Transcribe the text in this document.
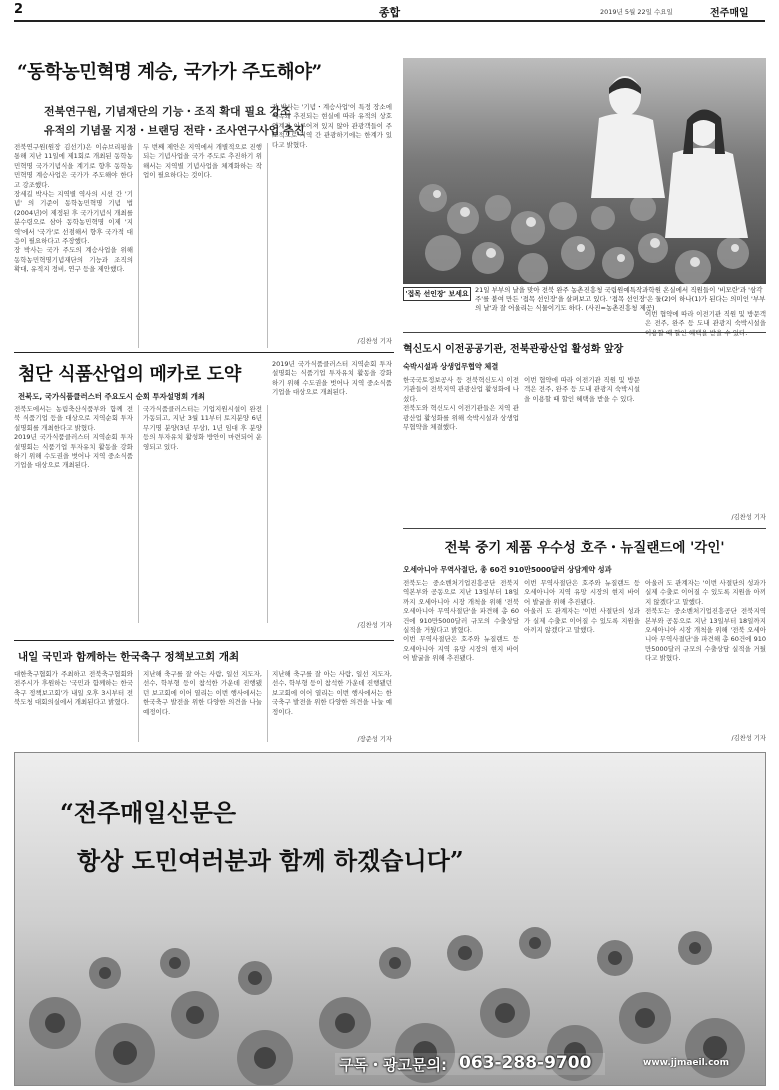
2	종합	2019년 5월 22일 수요일	전주매일
“동학농민혁명 계승, 국가가 주도해야”
전북연구원, 기념재단의 기능・조직 확대 필요 강조
유적의 기념물 지정・브랜딩 전략・조사연구사업 추진

전북연구원(원장 김선기)은 이슈브리핑을 통해 지난 11일에 제1회로 개최된 동학농민혁명 국가기념식을 계기로 향후 동학농민혁명 계승사업은 국가가 주도해야 한다고 강조했다.

장세길 박사는 지역별 역사의 시선 간 '기념' 의 기준이 동학농민혁명 기념 법(2004년)이 제정된 후 국가기념식 개최를 분수령으로 삼아 동학농민혁명 이제 '지역'에서 '국가'로 선점해서 향후 국가적 대응이 필요하다고 주장했다.

장 박사는 국가 주도의 계승사업을 위해 동학농민혁명기념재단의 기능과 조직의 확대, 유적지 정비, 연구 등을 제안했다.

두 번째 제안은 지역에서 개별적으로 진행되는 기념사업을 국가 주도로 추진하기 위해서는 지역별 기념사업을 체계화하는 작업이 필요하다는 것이다.

장 박사는 '기념・계승사업'이 특정 장소에 예속돼 추진되는 현실에 따라 유적의 상호 연계가 이루어져 있지 않아 관광객들이 주도적으로 지역 간 관광하기에는 한계가 있다고 밝혔다.

/김찬성 기자
'접목 선인장' 보세요 21일 부부의 날을 맞아 전북 완주 농촌진흥청 국립원예특작과학원 온실에서 직원들이 '비모란'과 '삼각주'를 붙여 만든 '접목 선인장'을 살펴보고 있다. '접목 선인장'은 둘(2)이 하나(1)가 된다는 의미인 '부부의 날'과 잘 어울리는 식물이기도 하다. (사진=농촌진흥청 제공)
혁신도시 이전공공기관, 전북관광산업 활성화 앞장
숙박시설과 상생업무협약 체결

한국국토정보공사 등 전북혁신도시 이전기관들이 전북지역 관광산업 활성화에 나섰다.

전북도와 혁신도시 이전기관들은 지역 관광산업 활성화를 위해 숙박시설과 상생업무협약을 체결했다.

이번 협약에 따라 이전기관 직원 및 방문객은 전주, 완주 등 도내 관광지 숙박시설을 이용할 때 할인 혜택을 받을 수 있다.

이번 협약에 따라 이전기관 직원 및 방문객은 전주, 완주 등 도내 관광지 숙박시설을 이용할 때 할인 혜택을 받을 수 있다.

/김찬성 기자
첨단 식품산업의 메카로 도약
전북도, 국가식품클러스터 주요도시 순회 투자설명회 개최

전북도에서는 농림축산식품부와 함께 전북 식품기업 등을 대상으로 지역순회 투자설명회를 개최한다고 밝혔다.

2019년 국가식품클러스터 지역순회 투자설명회는 식품기업 투자유치 활동을 강화하기 위해 수도권을 벗어나 지역 중소식품기업을 대상으로 개최된다.

국가식품클러스터는 기업지원시설이 완전 가동되고, 지난 3월 11부터 토지분양 6년 무기명 분양(3년 무상), 1년 임대 후 분양 등의 투자유치 활성화 방안이 마련되어 운영되고 있다.

2019년 국가식품클러스터 지역순회 투자설명회는 식품기업 투자유치 활동을 강화하기 위해 수도권을 벗어나 지역 중소식품기업을 대상으로 개최된다.

/김찬성 기자
전북 중기 제품 우수성 호주・뉴질랜드에 '각인'
오세아니아 무역사절단, 총 60건 910만5000달러 상담계약 성과

전북도는 중소벤처기업진흥공단 전북지역본부와 공동으로 지난 13일부터 18일까지 오세아니아 시장 개척을 위해 '전북 오세아니아 무역사절단'을 파견해 총 60건에 910만5000달러 규모의 수출상담 실적을 거뒀다고 밝혔다.

이번 무역사절단은 호주와 뉴질랜드 등 오세아니아 지역 유망 시장의 현지 바이어 발굴을 위해 추진됐다.

이번 무역사절단은 호주와 뉴질랜드 등 오세아니아 지역 유망 시장의 현지 바이어 발굴을 위해 추진됐다.

아울러 도 관계자는 '이번 사절단의 성과가 실제 수출로 이어질 수 있도록 지원을 아끼지 않겠다'고 말했다.

아울러 도 관계자는 '이번 사절단의 성과가 실제 수출로 이어질 수 있도록 지원을 아끼지 않겠다'고 말했다.

전북도는 중소벤처기업진흥공단 전북지역본부와 공동으로 지난 13일부터 18일까지 오세아니아 시장 개척을 위해 '전북 오세아니아 무역사절단'을 파견해 총 60건에 910만5000달러 규모의 수출상담 실적을 거뒀다고 밝혔다.

/김찬성 기자
내일 국민과 함께하는 한국축구 정책보고회 개최

대한축구협회가 주최하고 전북축구협회와 전주시가 후원하는 '국민과 함께하는 한국축구 정책보고회'가 내일 오후 3시부터 전북도청 대회의실에서 개최된다고 밝혔다.

지난해 축구를 잘 아는 사람, 일선 지도자, 선수, 학부형 등이 참석한 가운데 진행됐던 보고회에 이어 열리는 이번 행사에서는 한국축구 발전을 위한 다양한 의견을 나눌 예정이다.

지난해 축구를 잘 아는 사람, 일선 지도자, 선수, 학부형 등이 참석한 가운데 진행됐던 보고회에 이어 열리는 이번 행사에서는 한국축구 발전을 위한 다양한 의견을 나눌 예정이다.

/장준성 기자
“전주매일신문은
항상 도민여러분과 함께 하겠습니다”
구독・광고문의: 063-288-9700	www.jjmaeil.com
